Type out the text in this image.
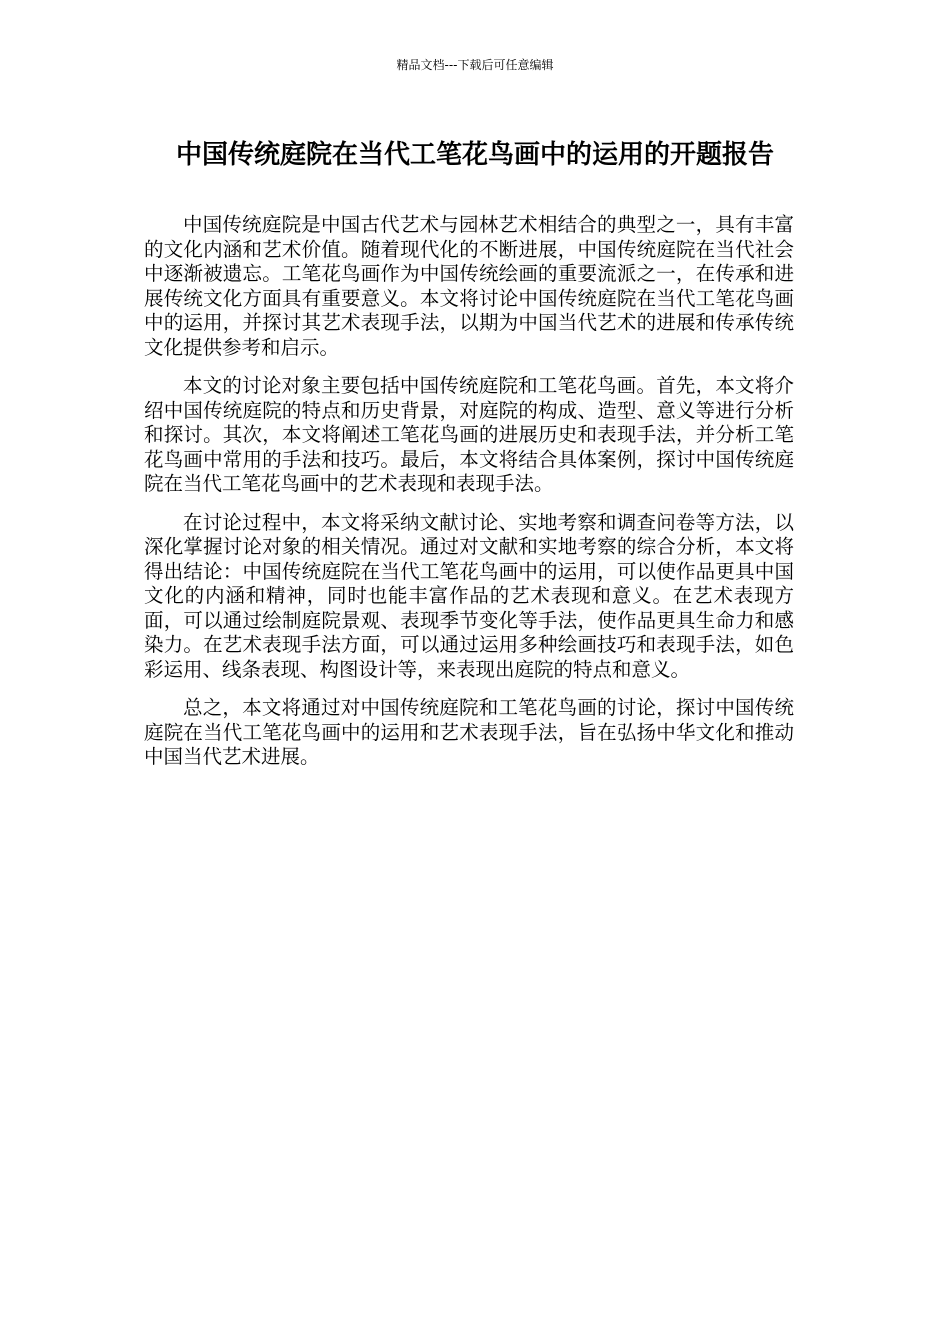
精品文档---下载后可任意编辑
中国传统庭院在当代工笔花鸟画中的运用的开题报告

中国传统庭院是中国古代艺术与园林艺术相结合的典型之一，具有丰富的文化内涵和艺术价值。随着现代化的不断进展，中国传统庭院在当代社会中逐渐被遗忘。工笔花鸟画作为中国传统绘画的重要流派之一，在传承和进展传统文化方面具有重要意义。本文将讨论中国传统庭院在当代工笔花鸟画中的运用，并探讨其艺术表现手法，以期为中国当代艺术的进展和传承传统文化提供参考和启示。

本文的讨论对象主要包括中国传统庭院和工笔花鸟画。首先，本文将介绍中国传统庭院的特点和历史背景，对庭院的构成、造型、意义等进行分析和探讨。其次，本文将阐述工笔花鸟画的进展历史和表现手法，并分析工笔花鸟画中常用的手法和技巧。最后，本文将结合具体案例，探讨中国传统庭院在当代工笔花鸟画中的艺术表现和表现手法。

在讨论过程中，本文将采纳文献讨论、实地考察和调查问卷等方法，以深化掌握讨论对象的相关情况。通过对文献和实地考察的综合分析，本文将得出结论：中国传统庭院在当代工笔花鸟画中的运用，可以使作品更具中国文化的内涵和精神，同时也能丰富作品的艺术表现和意义。在艺术表现方面，可以通过绘制庭院景观、表现季节变化等手法，使作品更具生命力和感染力。在艺术表现手法方面，可以通过运用多种绘画技巧和表现手法，如色彩运用、线条表现、构图设计等，来表现出庭院的特点和意义。

总之，本文将通过对中国传统庭院和工笔花鸟画的讨论，探讨中国传统庭院在当代工笔花鸟画中的运用和艺术表现手法，旨在弘扬中华文化和推动中国当代艺术进展。
